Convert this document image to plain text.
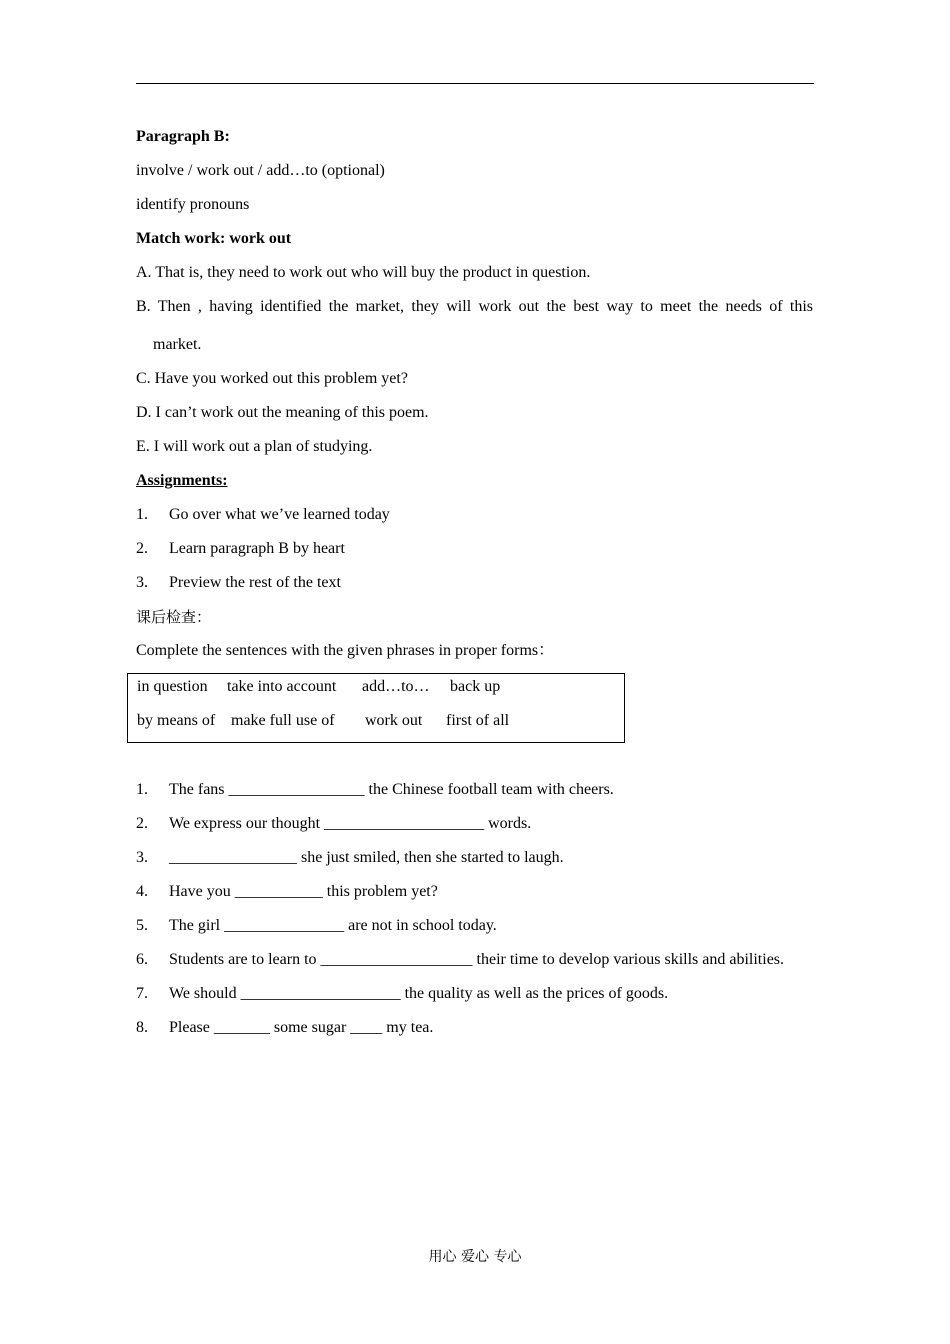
Paragraph B:
involve / work out / add…to (optional)
identify pronouns
Match work: work out
A. That is, they need to work out who will buy the product in question.
B. Then , having identified the market, they will work out the best way to meet the needs of this
market.
C. Have you worked out this problem yet?
D. I can’t work out the meaning of this poem.
E. I will work out a plan of studying.
Assignments:
1. Go over what we’ve learned today
2. Learn paragraph B by heart
3. Preview the rest of the text
课后检查：
Complete the sentences with the given phrases in proper forms：
in question take into account add…to… back up
by means of make full use of work out first of all
1. The fans _________________ the Chinese football team with cheers.
2. We express our thought ____________________ words.
3. ________________ she just smiled, then she started to laugh.
4. Have you ___________ this problem yet?
5. The girl _______________ are not in school today.
6. Students are to learn to ___________________ their time to develop various skills and abilities.
7. We should ____________________ the quality as well as the prices of goods.
8. Please _______ some sugar ____ my tea.
用心 爱心 专心
